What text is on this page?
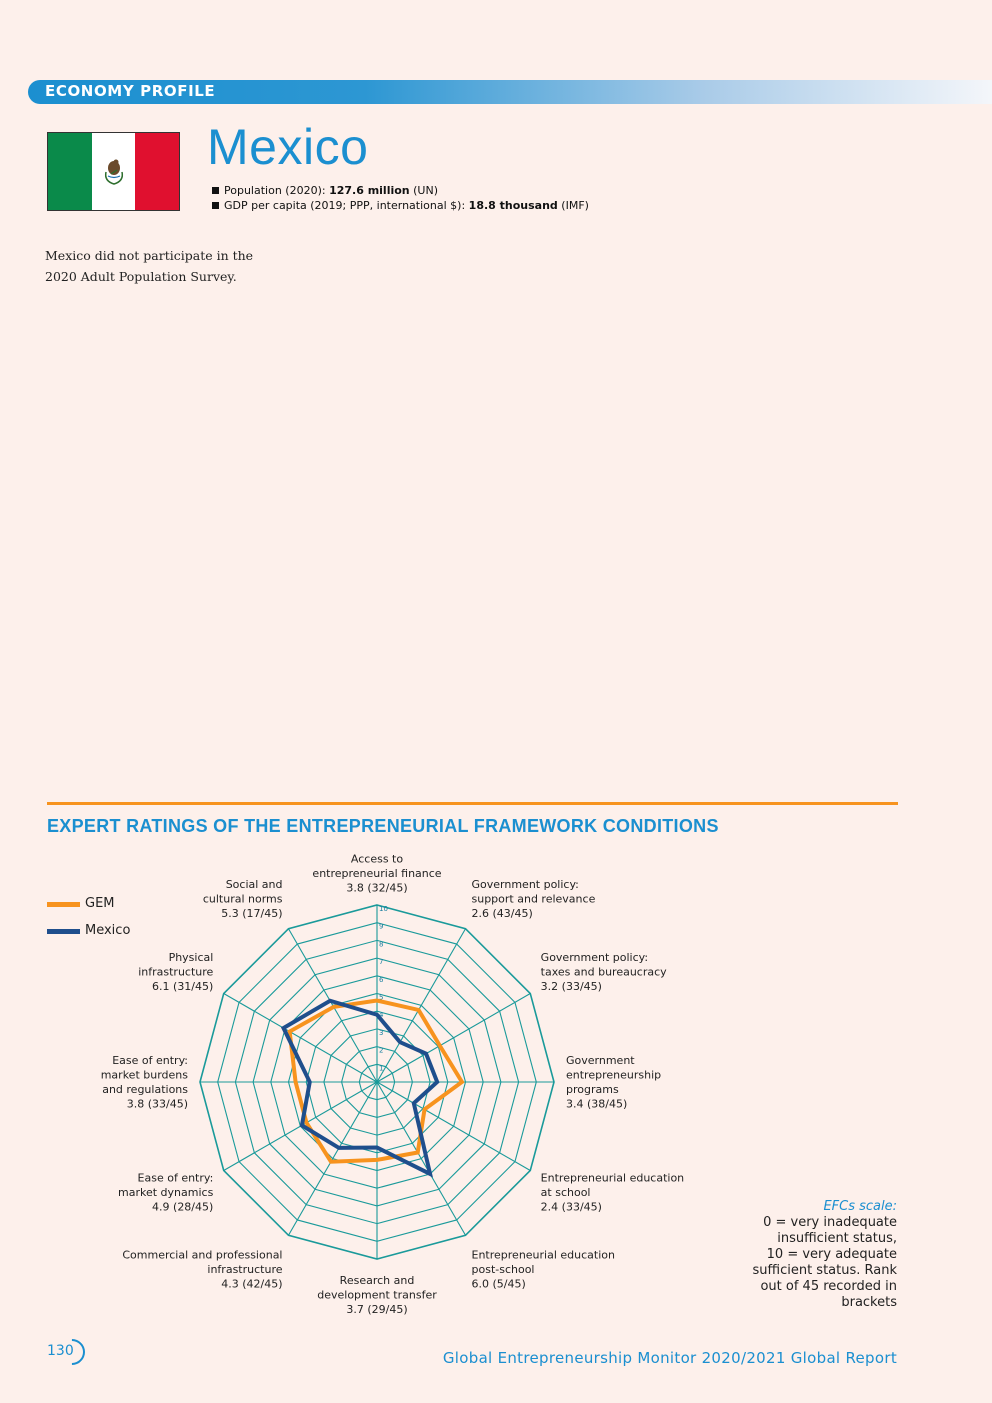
ECONOMY PROFILE
Mexico
Population (2020): 127.6 million (UN)
GDP per capita (2019; PPP, international $): 18.8 thousand (IMF)
Mexico did not participate in the
2020 Adult Population Survey.
EXPERT RATINGS OF THE ENTREPRENEURIAL FRAMEWORK CONDITIONS
GEM
Mexico
1
2
3
4
5
6
7
8
9
10
Access to entrepreneurial finance 3.8 (32/45)	Government policy: support and relevance 2.6 (43/45)
Government policy: taxes and bureaucracy 3.2 (33/45)
Government entrepreneurship programs 3.4 (38/45)
Entrepreneurial education at school 2.4 (33/45)
Entrepreneurial education post-school 6.0 (5/45)
Research and development transfer 3.7 (29/45)
Commercial and professional infrastructure 4.3 (42/45)
Ease of entry: market dynamics 4.9 (28/45)
Ease of entry: market burdens and regulations 3.8 (33/45)
Physical infrastructure 6.1 (31/45)
Social and cultural norms 5.3 (17/45)
EFCs scale:
0 = very inadequate
insufficient status,
10 = very adequate
sufficient status. Rank
out of 45 recorded in
brackets
130	Global Entrepreneurship Monitor 2020/2021 Global Report
